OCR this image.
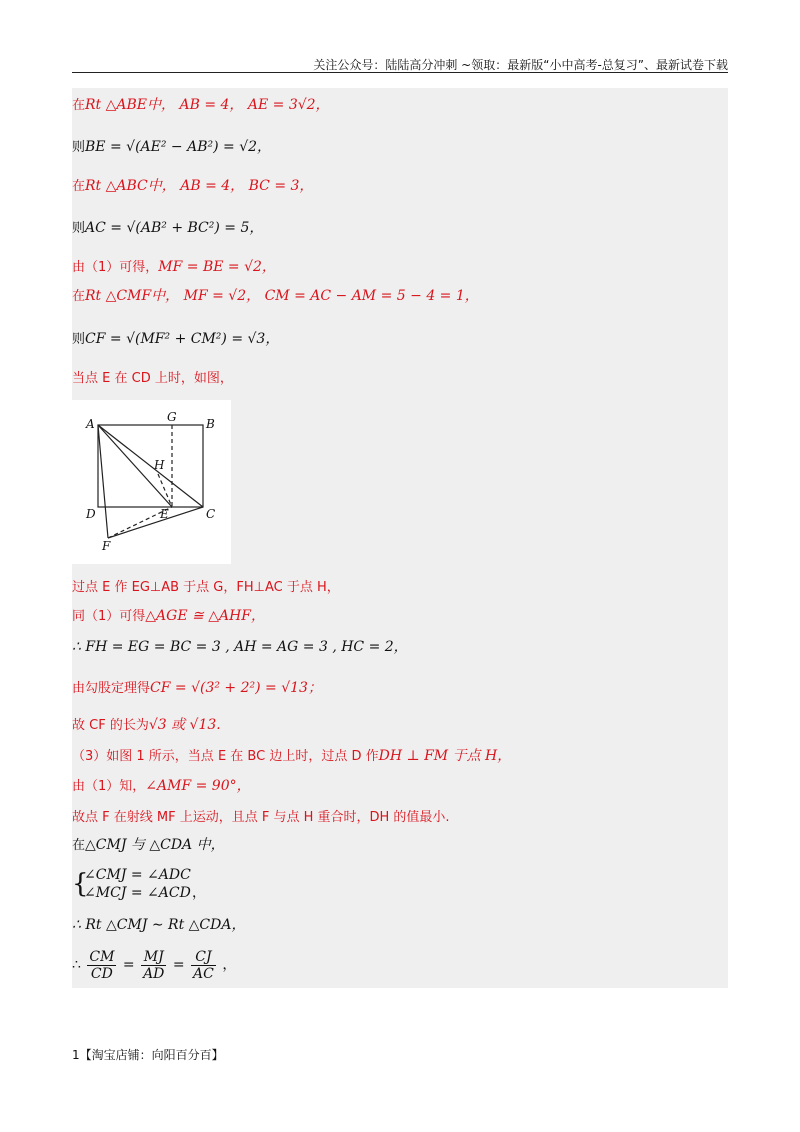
关注公众号：陆陆高分冲刺 ~领取：最新版“小中高考-总复习”、最新试卷下载
在Rt △ABE中， AB = 4， AE = 3√2，
则BE = √(AE² − AB²) = √2，
在Rt △ABC中， AB = 4， BC = 3，
则AC = √(AB² + BC²) = 5，
由（1）可得，MF = BE = √2，
在Rt △CMF中， MF = √2， CM = AC − AM = 5 − 4 = 1，
则CF = √(MF² + CM²) = √3，
当点 E 在 CD 上时，如图，
A	B
C
D	E
F
G
H
过点 E 作 EG⊥AB 于点 G，FH⊥AC 于点 H，
同（1）可得△AGE ≅ △AHF，
∴ FH = EG = BC = 3 , AH = AG = 3 , HC = 2，
由勾股定理得CF = √(3² + 2²) = √13；
故 CF 的长为√3 或 √13.
（3）如图 1 所示，当点 E 在 BC 边上时，过点 D 作DH ⊥ FM 于点 H，
由（1）知，∠AMF = 90°，
故点 F 在射线 MF 上运动，且点 F 与点 H 重合时，DH 的值最小.
在△CMJ 与 △CDA 中，
{
∠CMJ = ∠ADC
∠MCJ = ∠ACD ，
∴ Rt △CMJ ∼ Rt △CDA，
∴ $\frac{CM}{CD} = \frac{MJ}{AD} = \frac{CJ}{AC}$ ，
1【淘宝店铺：向阳百分百】
